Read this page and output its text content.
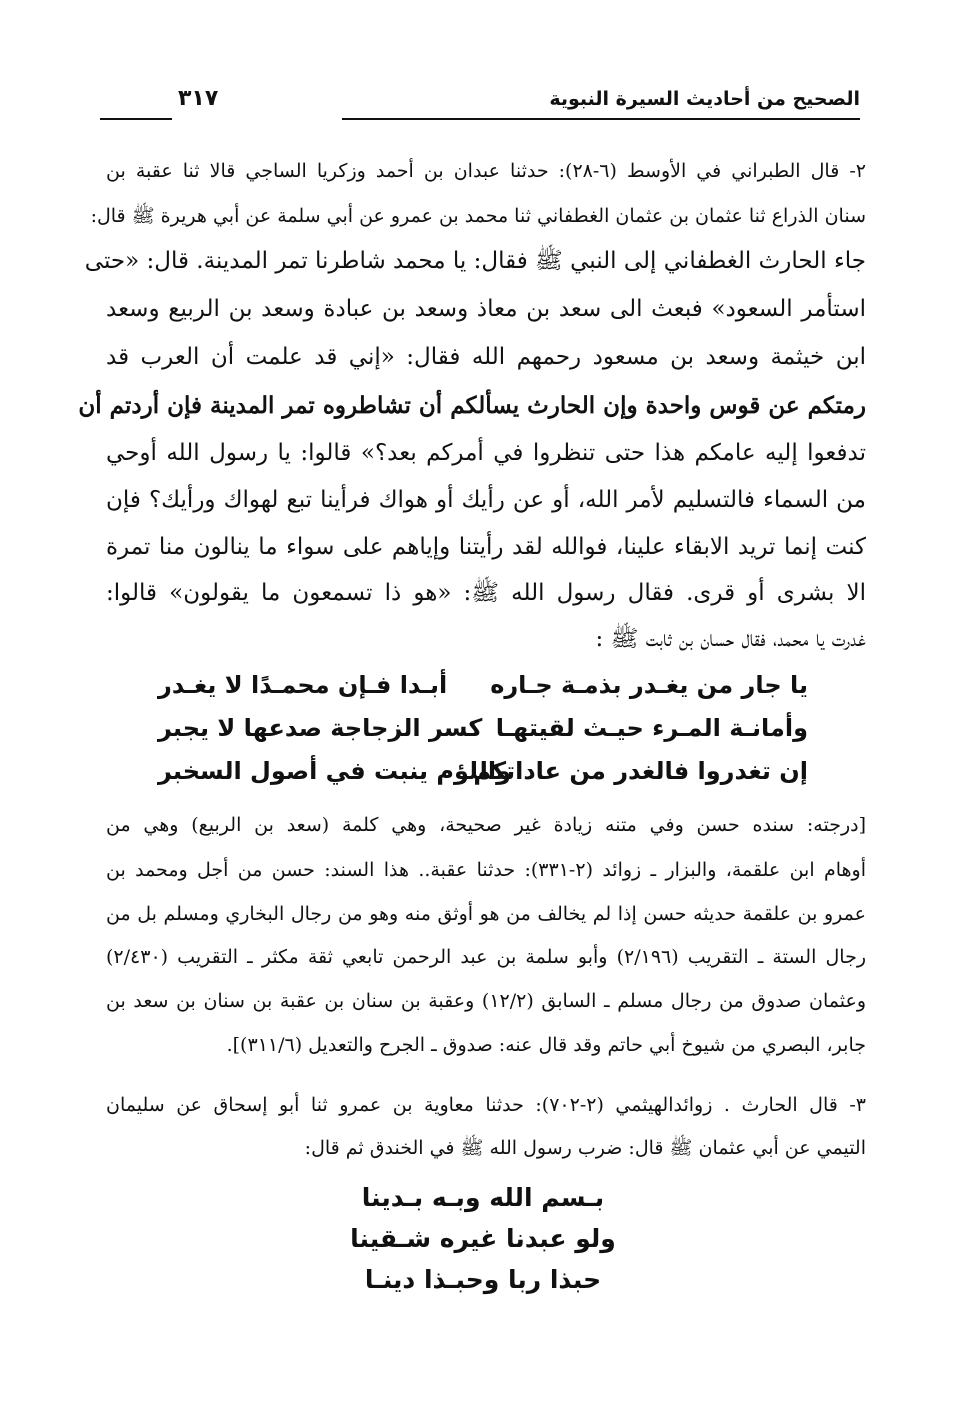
الصحيح من أحاديث السيرة النبوية
٣١٧
٢- قال الطبراني في الأوسط (٦-٢٨): حدثنا عبدان بن أحمد وزكريا الساجي قالا ثنا عقبة بن
سنان الذراع ثنا عثمان بن عثمان الغطفاني ثنا محمد بن عمرو عن أبي سلمة عن أبي هريرة ﷺ قال:
جاء الحارث الغطفاني إلى النبي ﷺ فقال: يا محمد شاطرنا تمر المدينة. قال: «حتى
استأمر السعود» فبعث الى سعد بن معاذ وسعد بن عبادة وسعد بن الربيع وسعد
ابن خيثمة وسعد بن مسعود رحمهم الله فقال: «إني قد علمت أن العرب قد
رمتكم عن قوس واحدة وإن الحارث يسألكم أن تشاطروه تمر المدينة فإن أردتم أن
تدفعوا إليه عامكم هذا حتى تنظروا في أمركم بعد؟» قالوا: يا رسول الله أوحي
من السماء فالتسليم لأمر الله، أو عن رأيك أو هواك فرأينا تبع لهواك ورأيك؟ فإن
كنت إنما تريد الابقاء علينا، فوالله لقد رأيتنا وإياهم على سواء ما ينالون منا تمرة
الا بشرى أو قرى. فقال رسول الله ﷺ: «هو ذا تسمعون ما يقولون» قالوا:
غدرت يا محمد، فقال حسان بن ثابت ﷺ :
يا جار من يغـدر بذمـة جـاره
أبـدا فـإن محمـدًا لا يغـدر
وأمانـة المـرء حيـث لقيتهـا
كسر الزجاجة صدعها لا يجبر
إن تغدروا فالغدر من عاداتكم
واللؤم ينبت في أصول السخبر
[درجته: سنده حسن وفي متنه زيادة غير صحيحة، وهي كلمة (سعد بن الربيع) وهي من
أوهام ابن علقمة، والبزار ـ زوائد (٢-٣٣١): حدثنا عقبة.. هذا السند: حسن من أجل ومحمد بن
عمرو بن علقمة حديثه حسن إذا لم يخالف من هو أوثق منه وهو من رجال البخاري ومسلم بل من
رجال الستة ـ التقريب (٢/١٩٦) وأبو سلمة بن عبد الرحمن تابعي ثقة مكثر ـ التقريب (٢/٤٣٠)
وعثمان صدوق من رجال مسلم ـ السابق (١٢/٢) وعقبة بن سنان بن عقبة بن سنان بن سعد بن
جابر، البصري من شيوخ أبي حاتم وقد قال عنه: صدوق ـ الجرح والتعديل (٣١١/٦)].
٣- قال الحارث . زوائدالهيثمي (٢-٧٠٢): حدثنا معاوية بن عمرو ثنا أبو إسحاق عن سليمان
التيمي عن أبي عثمان ﷺ قال: ضرب رسول الله ﷺ في الخندق ثم قال:
بـسم الله وبـه بـدينا
ولو عبدنا غيره شـقينا
حبذا ربا وحبـذا دينـا
